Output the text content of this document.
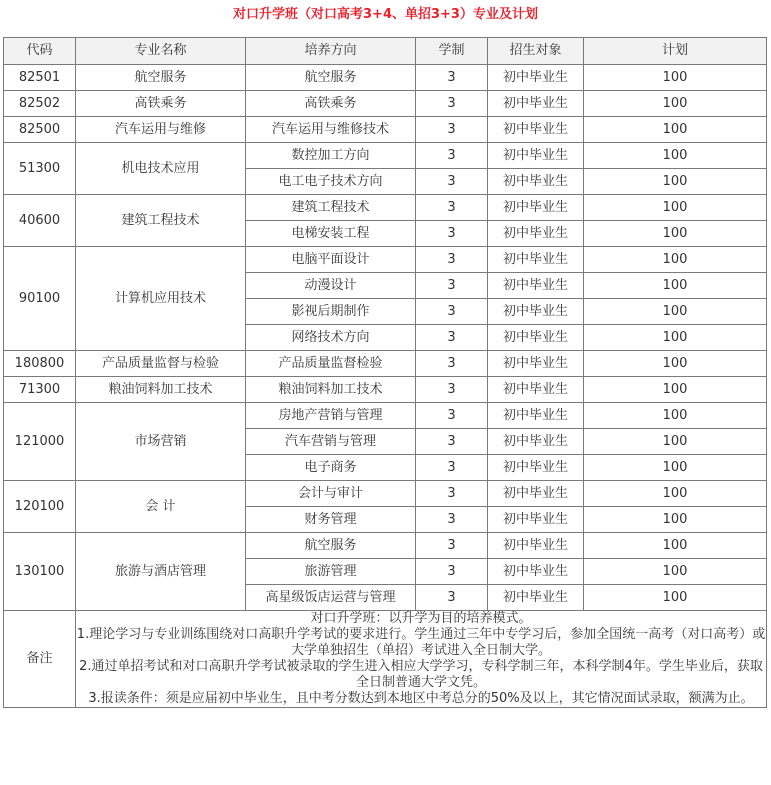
对口升学班（对口高考3+4、单招3+3）专业及计划
代码	专业名称	培养方向	学制	招生对象	计划
82501	航空服务	航空服务	3	初中毕业生	100
82502	高铁乘务	高铁乘务	3	初中毕业生	100
82500	汽车运用与维修	汽车运用与维修技术	3	初中毕业生	100
51300	机电技术应用	数控加工方向	3	初中毕业生	100
		电工电子技术方向	3	初中毕业生	100
40600	建筑工程技术	建筑工程技术	3	初中毕业生	100
		电梯安装工程	3	初中毕业生	100
90100	计算机应用技术	电脑平面设计	3	初中毕业生	100
		动漫设计	3	初中毕业生	100
		影视后期制作	3	初中毕业生	100
		网络技术方向	3	初中毕业生	100
180800	产品质量监督与检验	产品质量监督检验	3	初中毕业生	100
71300	粮油饲料加工技术	粮油饲料加工技术	3	初中毕业生	100
121000	市场营销	房地产营销与管理	3	初中毕业生	100
		汽车营销与管理	3	初中毕业生	100
		电子商务	3	初中毕业生	100
120100	会 计	会计与审计	3	初中毕业生	100
		财务管理	3	初中毕业生	100
130100	旅游与酒店管理	航空服务	3	初中毕业生	100
		旅游管理	3	初中毕业生	100
		高星级饭店运营与管理	3	初中毕业生	100
备注	对口升学班：以升学为目的培养模式。
1.理论学习与专业训练围绕对口高职升学考试的要求进行。学生通过三年中专学习后，参加全国统一高考（对口高考）或大学单独招生（单招）考试进入全日制大学。
2.通过单招考试和对口高职升学考试被录取的学生进入相应大学学习，专科学制三年，本科学制4年。学生毕业后，获取全日制普通大学文凭。
3.报读条件：须是应届初中毕业生，且中考分数达到本地区中考总分的50%及以上，其它情况面试录取，额满为止。				
